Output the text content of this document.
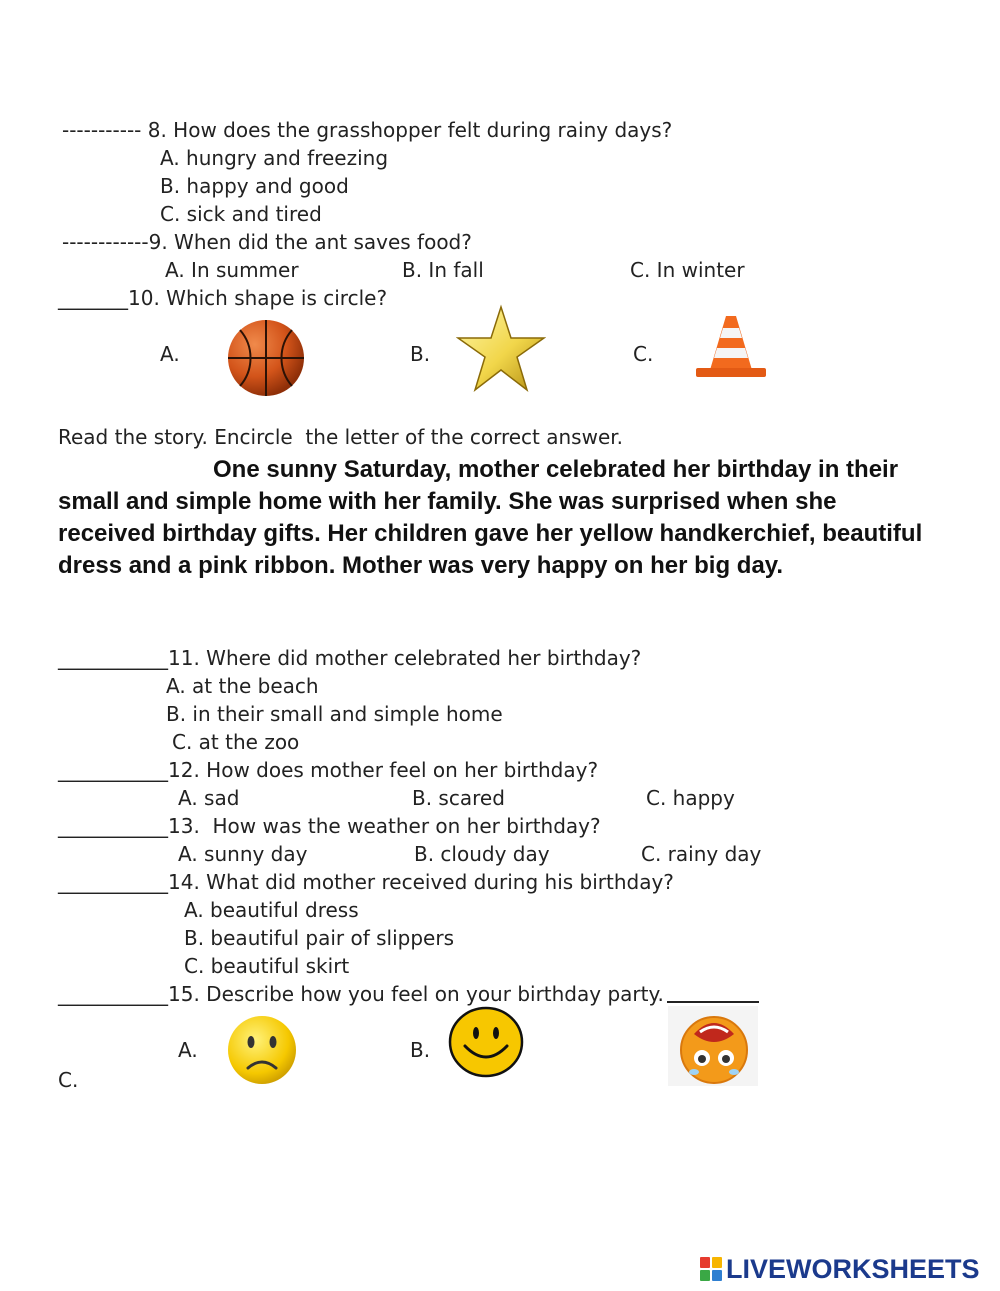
----------- 8. How does the grasshopper felt during rainy days?
A. hungry and freezing
B. happy and good
C. sick and tired
------------9. When did the ant saves food?
A. In summer	B. In fall	C. In winter
_______10. Which shape is circle?
A.	B.	C.
Read the story. Encircle  the letter of the correct answer.

One sunny Saturday, mother celebrated her birthday in their small and simple home with her family. She was surprised when she received birthday gifts. Her children gave her yellow handkerchief, beautiful dress and a pink ribbon. Mother was very happy on her big day.

___________11. Where did mother celebrated her birthday?
A. at the beach
B. in their small and simple home
C. at the zoo
___________12. How does mother feel on her birthday?
A. sad	B. scared	C. happy
___________13.  How was the weather on her birthday?
A. sunny day	B. cloudy day	C. rainy day
___________14. What did mother received during his birthday?
A. beautiful dress
B. beautiful pair of slippers
C. beautiful skirt
___________15. Describe how you feel on your birthday party.
A.	B.
C.
LIVEWORKSHEETS
